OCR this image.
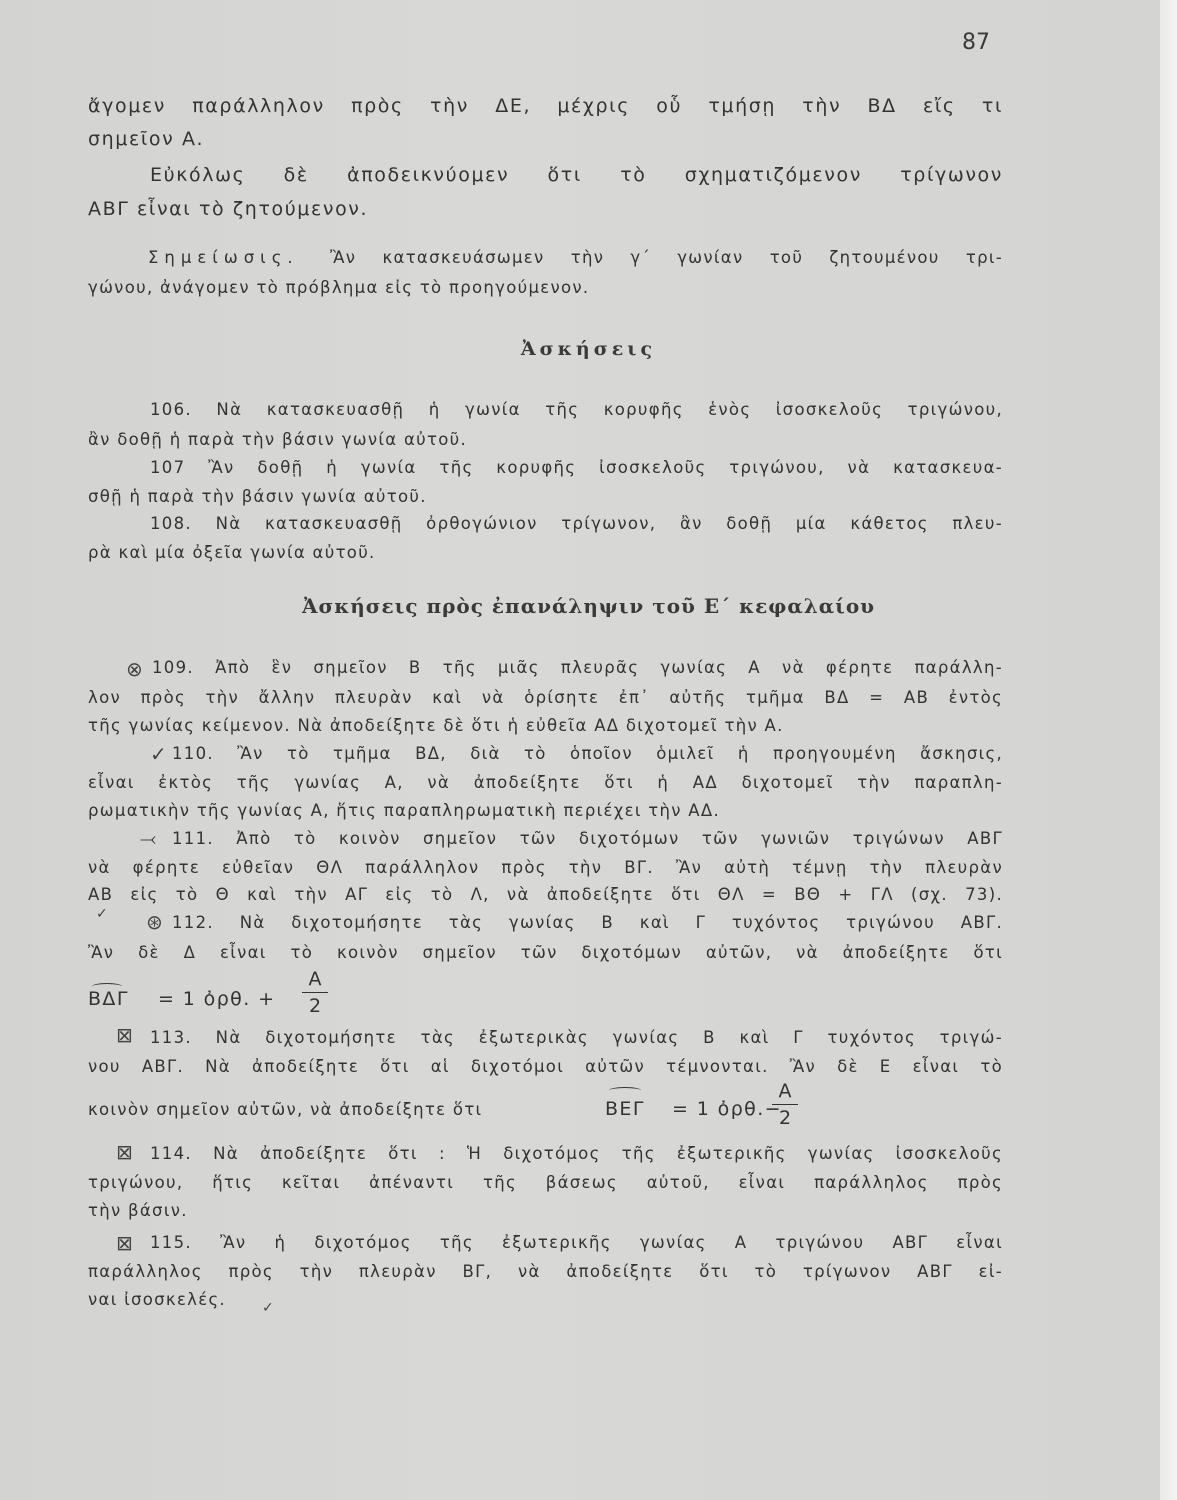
87
ἄγομεν παράλληλον πρὸς τὴν ΔΕ, μέχρις οὗ τμήσῃ τὴν ΒΔ εἴς τι
σημεῖον Α.
Εὐκόλως δὲ ἀποδεικνύομεν ὅτι τὸ σχηματιζόμενον τρίγωνον
ΑΒΓ εἶναι τὸ ζητούμενον.
Σημείωσις.	Ἂν κατασκευάσωμεν τὴν γ΄ γωνίαν τοῦ ζητουμένου τρι-
γώνου, ἀνάγομεν τὸ πρόβλημα εἰς τὸ προηγούμενον.
Ἀσκήσεις
106. Νὰ κατασκευασθῇ ἡ γωνία τῆς κορυφῆς ἑνὸς ἰσοσκελοῦς τριγώνου,
ἂν δοθῇ ἡ παρὰ τὴν βάσιν γωνία αὐτοῦ.
107 Ἂν δοθῇ ἡ γωνία τῆς κορυφῆς ἰσοσκελοῦς τριγώνου, νὰ κατασκευα-
σθῇ ἡ παρὰ τὴν βάσιν γωνία αὐτοῦ.
108. Νὰ κατασκευασθῇ ὀρθογώνιον τρίγωνον, ἂν δοθῇ μία κάθετος πλευ-
ρὰ καὶ μία ὀξεῖα γωνία αὐτοῦ.
Ἀσκήσεις πρὸς ἐπανάληψιν τοῦ Ε΄ κεφαλαίου
⊗
✓
⤙
✓ ⊛
⊠
⊠
⊠
✓
109. Ἀπὸ ἓν σημεῖον Β τῆς μιᾶς πλευρᾶς γωνίας Α νὰ φέρητε παράλλη-
λον πρὸς τὴν ἄλλην πλευρὰν καὶ νὰ ὁρίσητε ἐπ᾿ αὐτῆς τμῆμα ΒΔ = ΑΒ ἐντὸς
τῆς γωνίας κείμενον. Νὰ ἀποδείξητε δὲ ὅτι ἡ εὐθεῖα ΑΔ διχοτομεῖ τὴν Α.
110. Ἂν τὸ τμῆμα ΒΔ, διὰ τὸ ὁποῖον ὁμιλεῖ ἡ προηγουμένη ἄσκησις,
εἶναι ἐκτὸς τῆς γωνίας Α, νὰ ἀποδείξητε ὅτι ἡ ΑΔ διχοτομεῖ τὴν παραπλη-
ρωματικὴν τῆς γωνίας Α, ἥτις παραπληρωματικὴ περιέχει τὴν ΑΔ.
111. Ἀπὸ τὸ κοινὸν σημεῖον τῶν διχοτόμων τῶν γωνιῶν τριγώνων ΑΒΓ
νὰ φέρητε εὐθεῖαν ΘΛ παράλληλον πρὸς τὴν ΒΓ. Ἂν αὐτὴ τέμνῃ τὴν πλευρὰν
ΑΒ εἰς τὸ Θ καὶ τὴν ΑΓ εἰς τὸ Λ, νὰ ἀποδείξητε ὅτι ΘΛ = ΒΘ + ΓΛ (σχ. 73).
112. Νὰ διχοτομήσητε τὰς γωνίας Β καὶ Γ τυχόντος τριγώνου ΑΒΓ.
Ἂν δὲ Δ εἶναι τὸ κοινὸν σημεῖον τῶν διχοτόμων αὐτῶν, νὰ ἀποδείξητε ὅτι
ΒΔΓ = 1 ὀρθ. +
Α
2
113. Νὰ διχοτομήσητε τὰς ἐξωτερικὰς γωνίας Β καὶ Γ τυχόντος τριγώ-
νου ΑΒΓ. Νὰ ἀποδείξητε ὅτι αἱ διχοτόμοι αὐτῶν τέμνονται. Ἂν δὲ Ε εἶναι τὸ
κοινὸν σημεῖον αὐτῶν, νὰ ἀποδείξητε ὅτι	ΒΕΓ = 1 ὀρθ.−
Α
2
114. Νὰ ἀποδείξητε ὅτι : Ἡ διχοτόμος τῆς ἐξωτερικῆς γωνίας ἰσοσκελοῦς
τριγώνου, ἥτις κεῖται ἀπέναντι τῆς βάσεως αὐτοῦ, εἶναι παράλληλος πρὸς
τὴν βάσιν.
115. Ἂν ἡ διχοτόμος τῆς ἐξωτερικῆς γωνίας Α τριγώνου ΑΒΓ εἶναι
παράλληλος πρὸς τὴν πλευρὰν ΒΓ, νὰ ἀποδείξητε ὅτι τὸ τρίγωνον ΑΒΓ εἰ-
ναι ἰσοσκελές.
